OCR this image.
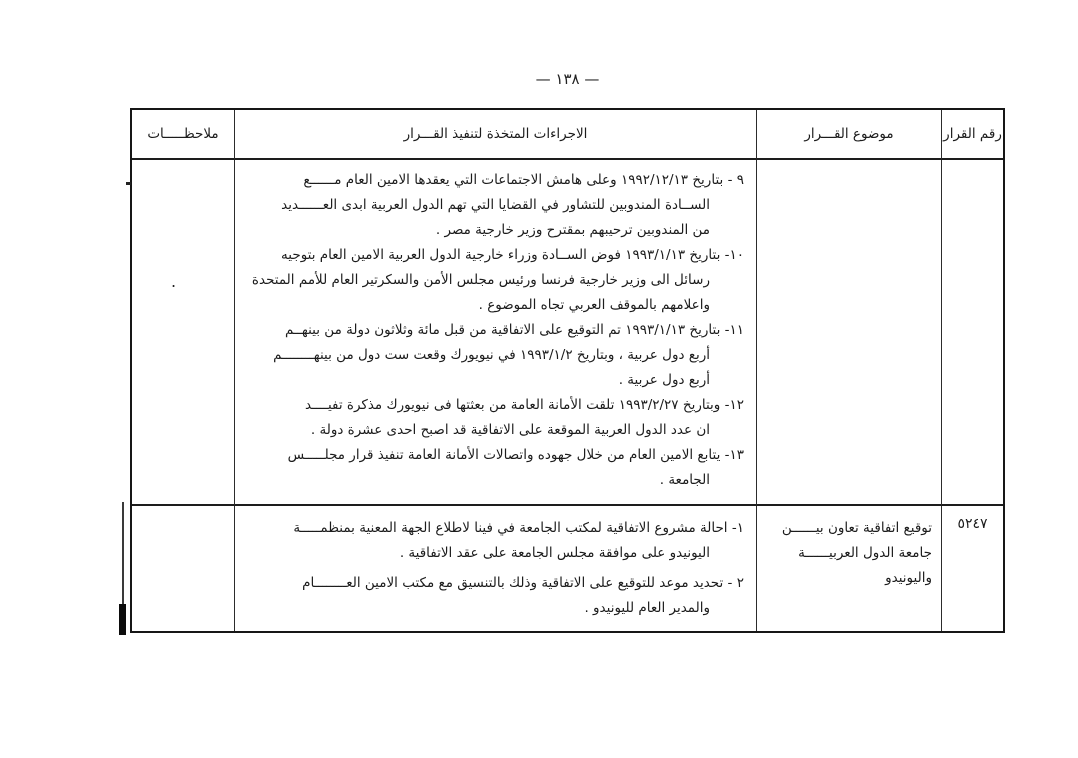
— ١٣٨ —
رقم القرار
موضوع القـــرار
الاجراءات المتخذة لتنفيذ القـــرار
ملاحظـــــات
٩ - بتاريخ ١٩٩٢/١٢/١٣ وعلى هامش الاجتماعات التي يعقدها الامين العام مــــــع
الســادة المندوبين للتشاور في القضايا التي تهم الدول العربية ابدى العــــــديد
من المندوبين ترحيبهم بمقترح وزير خارجية مصر .
١٠- بتاريخ ١٩٩٣/١/١٣ فوض الســادة وزراء خارجية الدول العربية الامين العام بتوجيه
رسائل الى وزير خارجية فرنسا ورئيس مجلس الأمن والسكرتير العام للأمم المتحدة
واعلامهم بالموقف العربي تجاه الموضوع .
١١- بتاريخ ١٩٩٣/١/١٣ تم التوقيع على الاتفاقية من قبل مائة وثلاثون دولة من بينهــم
أربع دول عربية ، وبتاريخ ١٩٩٣/١/٢ في نيويورك وقعت ست دول من بينهــــــــم
أربع دول عربية .
١٢- وبتاريخ ١٩٩٣/٢/٢٧ تلقت الأمانة العامة من بعثتها فى نيويورك مذكرة تفيــــد
ان عدد الدول العربية الموقعة على الاتفاقية قد اصبح احدى عشرة دولة .
١٣- يتابع الامين العام من خلال جهوده واتصالات الأمانة العامة تنفيذ قرار مجلـــــس
الجامعة .
.
٥٢٤٧
توقيع اتفاقية تعاون بيــــــن
جامعة الدول العربيــــــة
واليونيدو
١- احالة مشروع الاتفاقية لمكتب الجامعة في فينا لاطلاع الجهة المعنية بمنظمـــــة
اليونيدو على موافقة مجلس الجامعة على عقد الاتفاقية .
٢ - تحديد موعد للتوقيع على الاتفاقية وذلك بالتنسيق مع مكتب الامين العــــــــام
والمدير العام لليونيدو .
